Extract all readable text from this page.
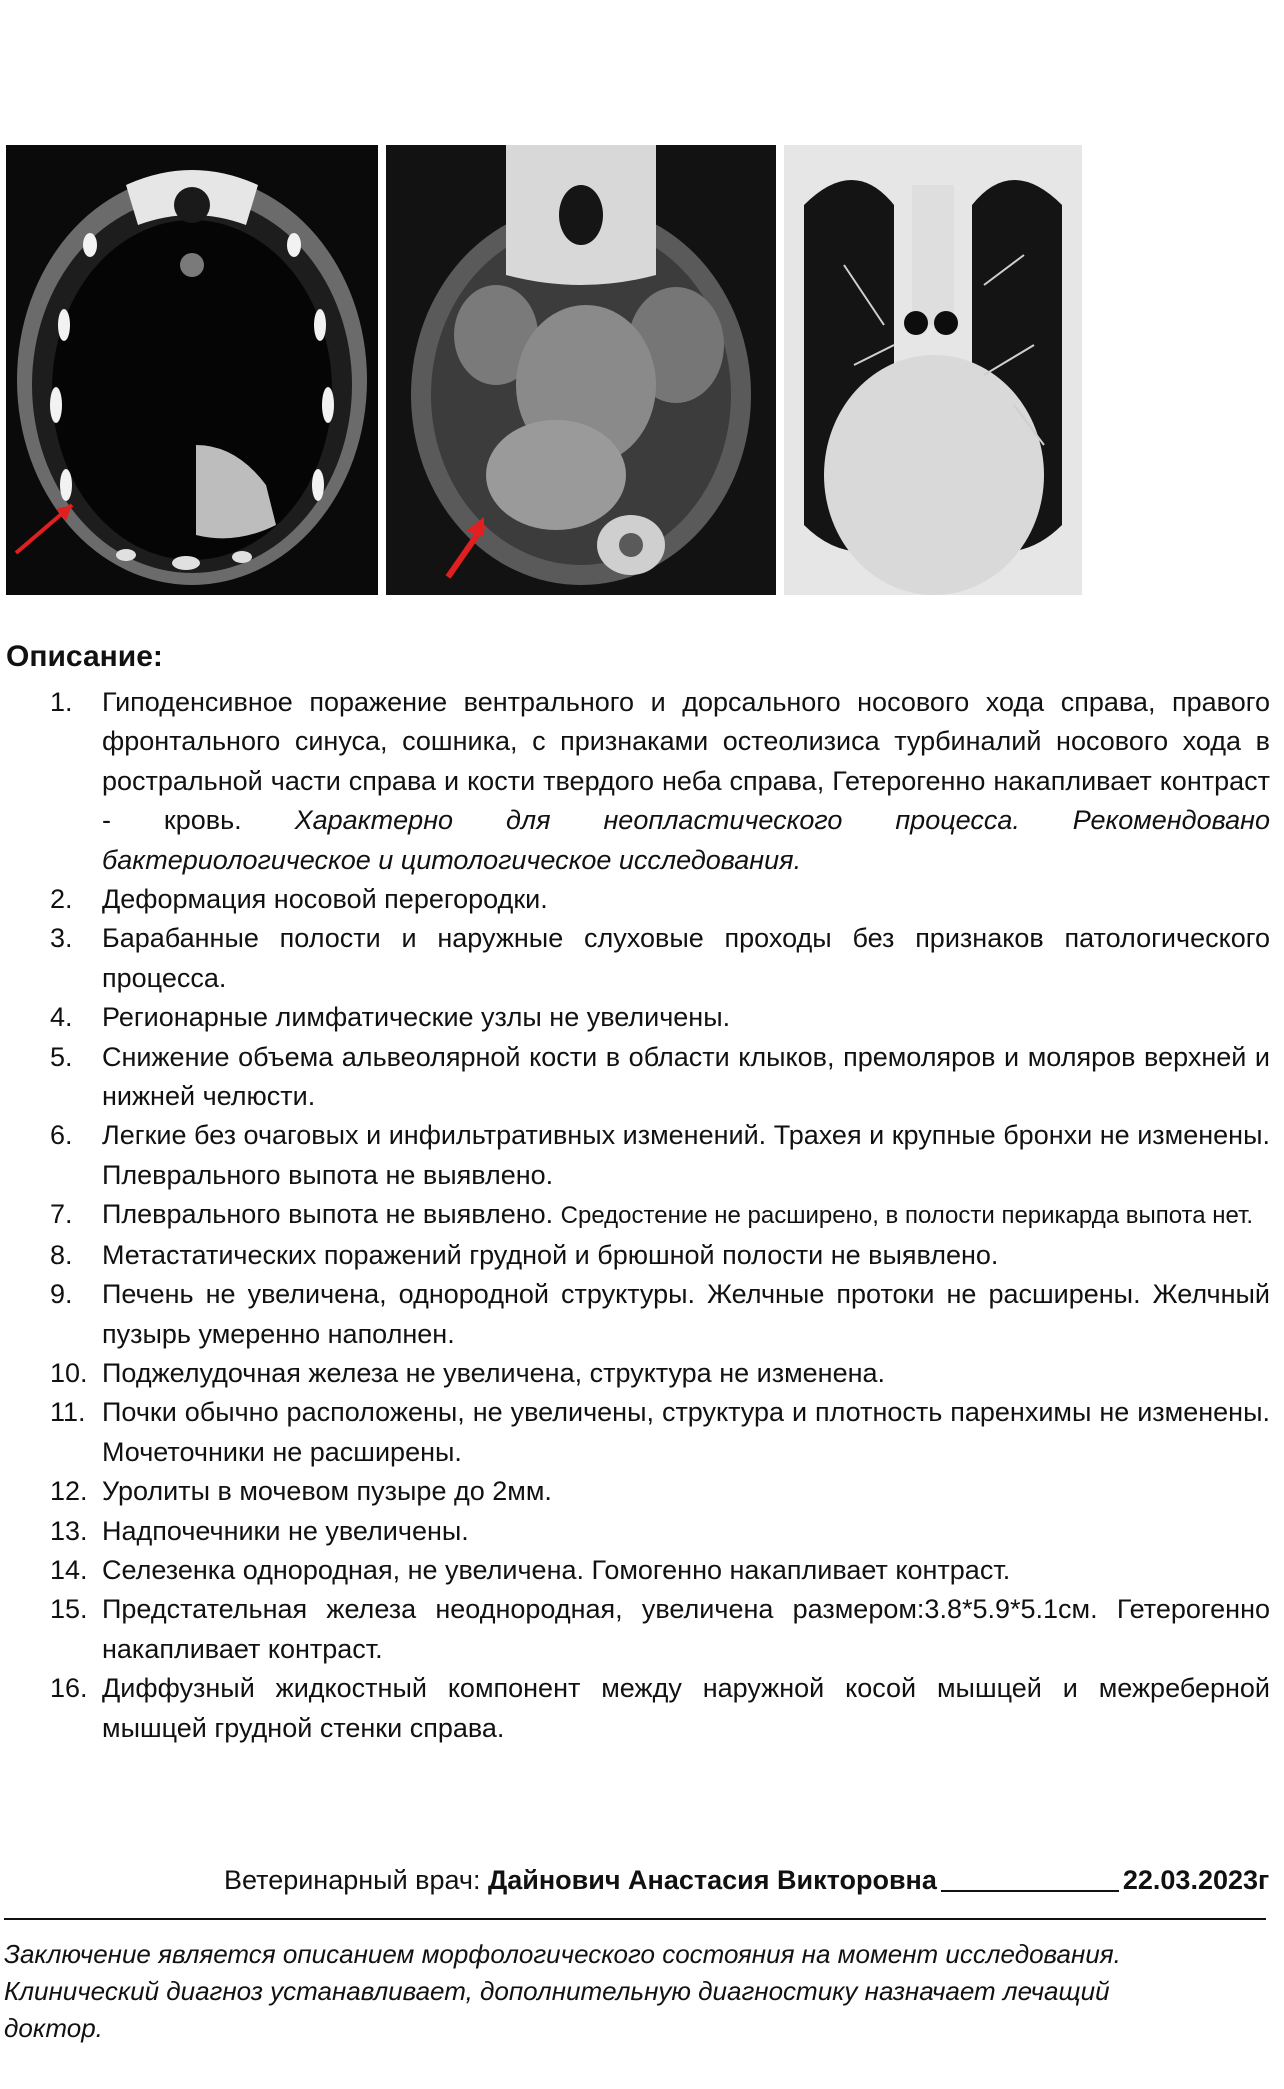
Описание:
1. Гиподенсивное поражение вентрального и дорсального носового хода справа, правого фронтального синуса, сошника, с признаками остеолизиса турбиналий носового хода в ростральной части справа и кости твердого неба справа, Гетерогенно накапливает контраст - кровь. Характерно для неопластического процесса. Рекомендовано бактериологическое и цитологическое исследования.
2. Деформация носовой перегородки.
3. Барабанные полости и наружные слуховые проходы без признаков патологического процесса.
4. Регионарные лимфатические узлы не увеличены.
5. Снижение объема альвеолярной кости в области клыков, премоляров и моляров верхней и нижней челюсти.
6. Легкие без очаговых и инфильтративных изменений. Трахея и крупные бронхи не изменены. Плеврального выпота не выявлено.
7. Плеврального выпота не выявлено. Средостение не расширено, в полости перикарда выпота нет.
8. Метастатических поражений грудной и брюшной полости не выявлено.
9. Печень не увеличена, однородной структуры. Желчные протоки не расширены. Желчный пузырь умеренно наполнен.
10. Поджелудочная железа не увеличена, структура не изменена.
11. Почки обычно расположены, не увеличены, структура и плотность паренхимы не изменены. Мочеточники не расширены.
12. Уролиты в мочевом пузыре до 2мм.
13. Надпочечники не увеличены.
14. Селезенка однородная, не увеличена. Гомогенно накапливает контраст.
15. Предстательная железа неоднородная, увеличена размером:3.8*5.9*5.1см. Гетерогенно накапливает контраст.
16. Диффузный жидкостный компонент между наружной косой мышцей и межреберной мышцей грудной стенки справа.
Ветеринарный врач: Дайнович Анастасия Викторовна	22.03.2023г

Заключение является описанием морфологического состояния на момент исследования. Клинический диагноз устанавливает, дополнительную диагностику назначает лечащий доктор.
